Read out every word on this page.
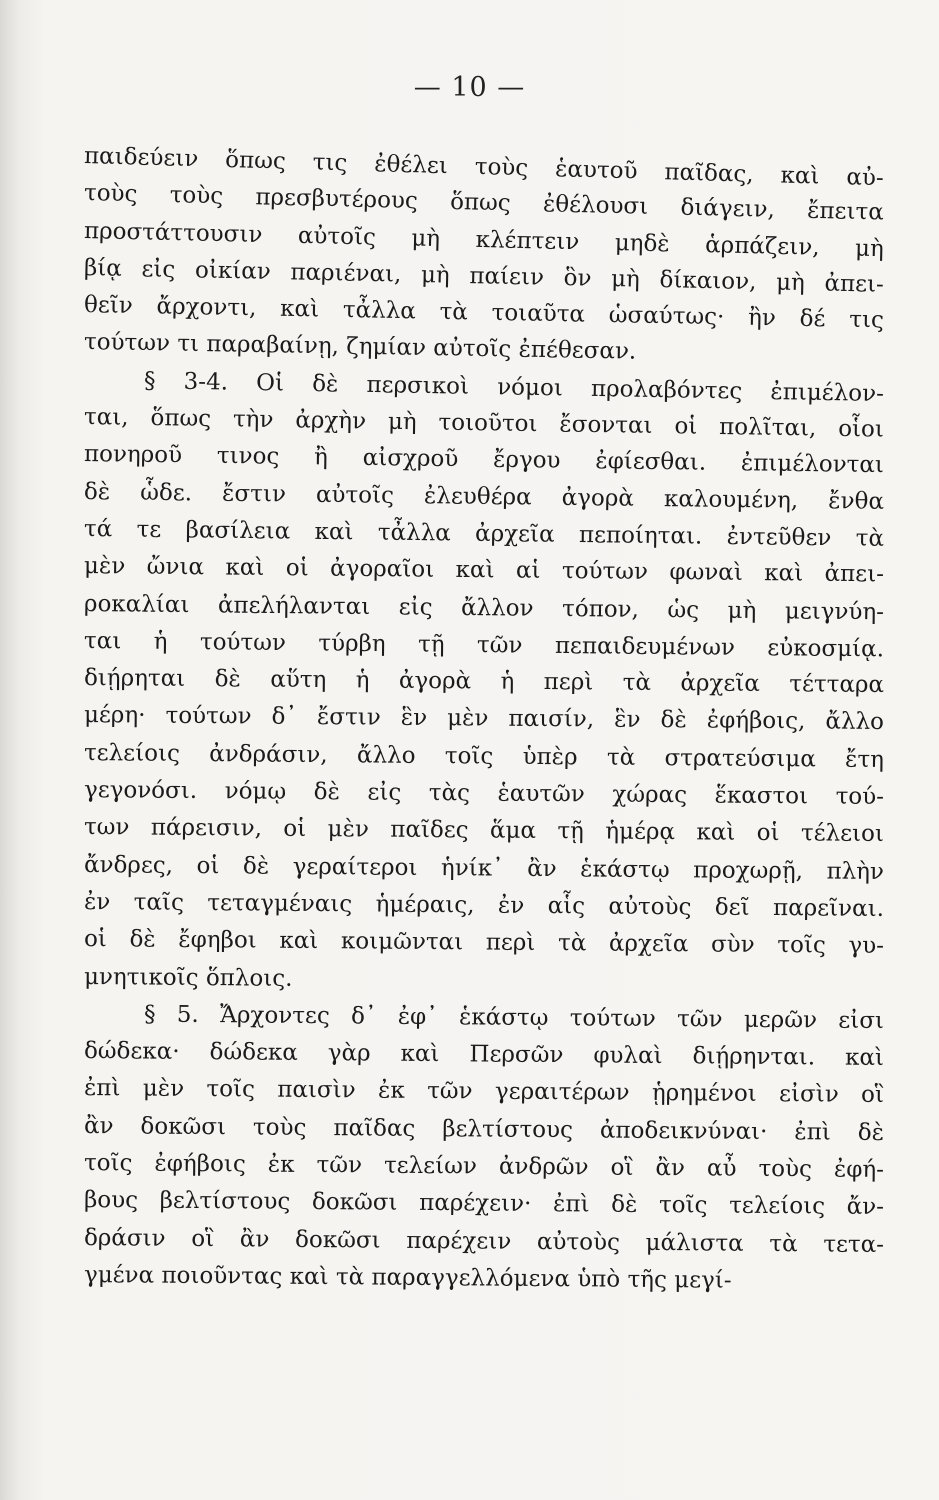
— 10 —
παιδεύειν ὅπως τις ἐθέλει τοὺς ἑαυτοῦ παῖδας, καὶ αὐ-
τοὺς τοὺς πρεσβυτέρους ὅπως ἐθέλουσι διάγειν, ἔπειτα
προστάττουσιν αὐτοῖς μὴ κλέπτειν μηδὲ ἁρπάζειν, μὴ
βίᾳ εἰς οἰκίαν παριέναι, μὴ παίειν ὃν μὴ δίκαιον, μὴ ἀπει-
θεῖν ἄρχοντι, καὶ τἆλλα τὰ τοιαῦτα ὡσαύτως· ἢν δέ τις
τούτων τι παραβαίνῃ, ζημίαν αὐτοῖς ἐπέθεσαν.
§ 3-4. Οἱ δὲ περσικοὶ νόμοι προλαβόντες ἐπιμέλον-
ται, ὅπως τὴν ἀρχὴν μὴ τοιοῦτοι ἔσονται οἱ πολῖται, οἷοι
πονηροῦ τινος ἢ αἰσχροῦ ἔργου ἐφίεσθαι. ἐπιμέλονται
δὲ ὧδε. ἔστιν αὐτοῖς ἐλευθέρα ἀγορὰ καλουμένη, ἔνθα
τά τε βασίλεια καὶ τἆλλα ἀρχεῖα πεποίηται. ἐντεῦθεν τὰ
μὲν ὤνια καὶ οἱ ἀγοραῖοι καὶ αἱ τούτων φωναὶ καὶ ἀπει-
ροκαλίαι ἀπελήλανται εἰς ἄλλον τόπον, ὡς μὴ μειγνύη-
ται ἡ τούτων τύρβη τῇ τῶν πεπαιδευμένων εὐκοσμίᾳ.
διῄρηται δὲ αὕτη ἡ ἀγορὰ ἡ περὶ τὰ ἀρχεῖα τέτταρα
μέρη· τούτων δ᾽ ἔστιν ἓν μὲν παισίν, ἓν δὲ ἐφήβοις, ἄλλο
τελείοις ἀνδράσιν, ἄλλο τοῖς ὑπὲρ τὰ στρατεύσιμα ἔτη
γεγονόσι. νόμῳ δὲ εἰς τὰς ἑαυτῶν χώρας ἕκαστοι τού-
των πάρεισιν, οἱ μὲν παῖδες ἅμα τῇ ἡμέρᾳ καὶ οἱ τέλειοι
ἄνδρες, οἱ δὲ γεραίτεροι ἡνίκ᾽ ἂν ἑκάστῳ προχωρῇ, πλὴν
ἐν ταῖς τεταγμέναις ἡμέραις, ἐν αἷς αὐτοὺς δεῖ παρεῖναι.
οἱ δὲ ἔφηβοι καὶ κοιμῶνται περὶ τὰ ἀρχεῖα σὺν τοῖς γυ-
μνητικοῖς ὅπλοις.
§ 5. Ἄρχοντες δ᾽ ἐφ᾽ ἑκάστῳ τούτων τῶν μερῶν εἰσι
δώδεκα· δώδεκα γὰρ καὶ Περσῶν φυλαὶ διῄρηνται. καὶ
ἐπὶ μὲν τοῖς παισὶν ἐκ τῶν γεραιτέρων ᾑρημένοι εἰσὶν οἳ
ἂν δοκῶσι τοὺς παῖδας βελτίστους ἀποδεικνύναι· ἐπὶ δὲ
τοῖς ἐφήβοις ἐκ τῶν τελείων ἀνδρῶν οἳ ἂν αὖ τοὺς ἐφή-
βους βελτίστους δοκῶσι παρέχειν· ἐπὶ δὲ τοῖς τελείοις ἄν-
δράσιν οἳ ἂν δοκῶσι παρέχειν αὐτοὺς μάλιστα τὰ τετα-
γμένα ποιοῦντας καὶ τὰ παραγγελλόμενα ὑπὸ τῆς μεγί-
